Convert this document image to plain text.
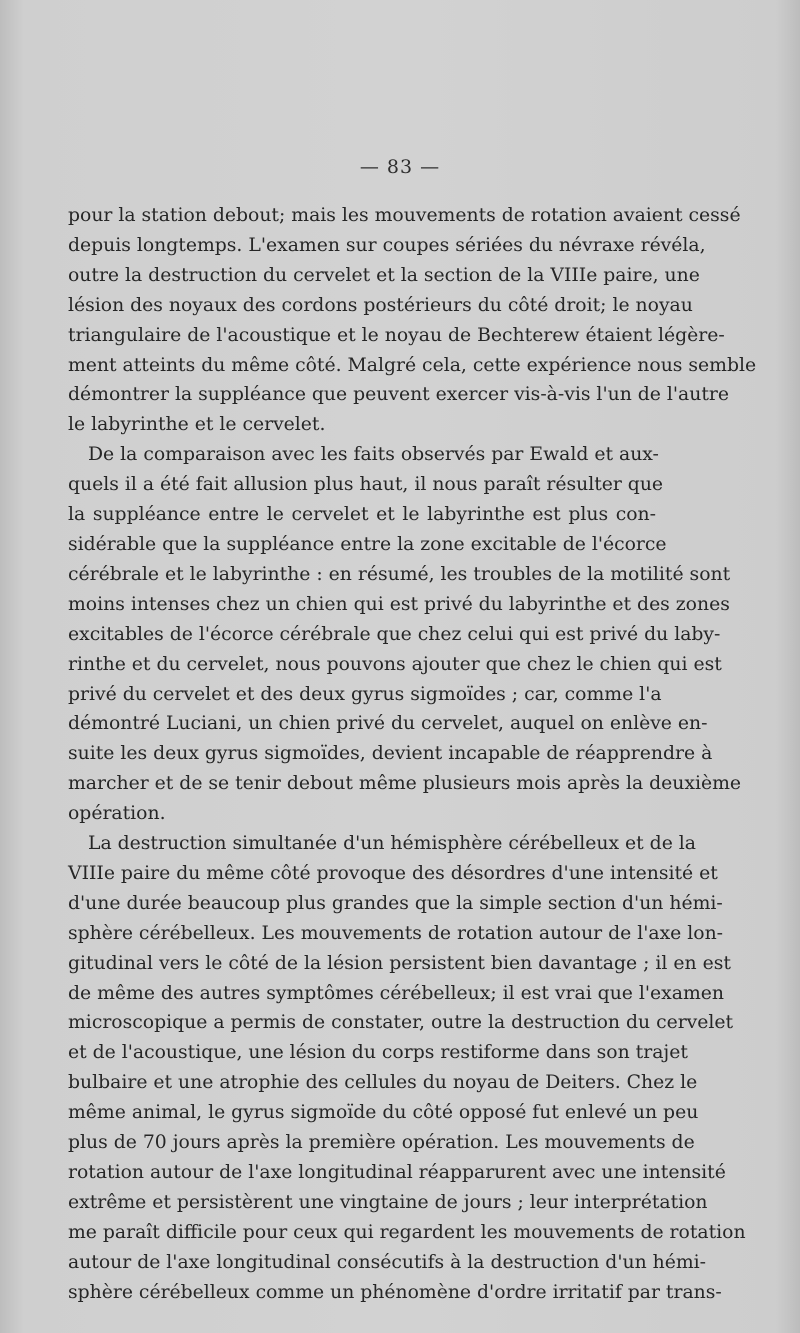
— 83 —
pour la station debout; mais les mouvements de rotation avaient cessé
depuis longtemps. L'examen sur coupes sériées du névraxe révéla,
outre la destruction du cervelet et la section de la VIIIe paire, une
lésion des noyaux des cordons postérieurs du côté droit; le noyau
triangulaire de l'acoustique et le noyau de Bechterew étaient légère-
ment atteints du même côté. Malgré cela, cette expérience nous semble
démontrer la suppléance que peuvent exercer vis-à-vis l'un de l'autre
le labyrinthe et le cervelet.
De la comparaison avec les faits observés par Ewald et aux-
quels il a été fait allusion plus haut, il nous paraît résulter que
la suppléance entre le cervelet et le labyrinthe est plus con-
sidérable que la suppléance entre la zone excitable de l'écorce
cérébrale et le labyrinthe : en résumé, les troubles de la motilité sont
moins intenses chez un chien qui est privé du labyrinthe et des zones
excitables de l'écorce cérébrale que chez celui qui est privé du laby-
rinthe et du cervelet, nous pouvons ajouter que chez le chien qui est
privé du cervelet et des deux gyrus sigmoïdes ; car, comme l'a
démontré Luciani, un chien privé du cervelet, auquel on enlève en-
suite les deux gyrus sigmoïdes, devient incapable de réapprendre à
marcher et de se tenir debout même plusieurs mois après la deuxième
opération.
La destruction simultanée d'un hémisphère cérébelleux et de la
VIIIe paire du même côté provoque des désordres d'une intensité et
d'une durée beaucoup plus grandes que la simple section d'un hémi-
sphère cérébelleux. Les mouvements de rotation autour de l'axe lon-
gitudinal vers le côté de la lésion persistent bien davantage ; il en est
de même des autres symptômes cérébelleux; il est vrai que l'examen
microscopique a permis de constater, outre la destruction du cervelet
et de l'acoustique, une lésion du corps restiforme dans son trajet
bulbaire et une atrophie des cellules du noyau de Deiters. Chez le
même animal, le gyrus sigmoïde du côté opposé fut enlevé un peu
plus de 70 jours après la première opération. Les mouvements de
rotation autour de l'axe longitudinal réapparurent avec une intensité
extrême et persistèrent une vingtaine de jours ; leur interprétation
me paraît difficile pour ceux qui regardent les mouvements de rotation
autour de l'axe longitudinal consécutifs à la destruction d'un hémi-
sphère cérébelleux comme un phénomène d'ordre irritatif par trans-
